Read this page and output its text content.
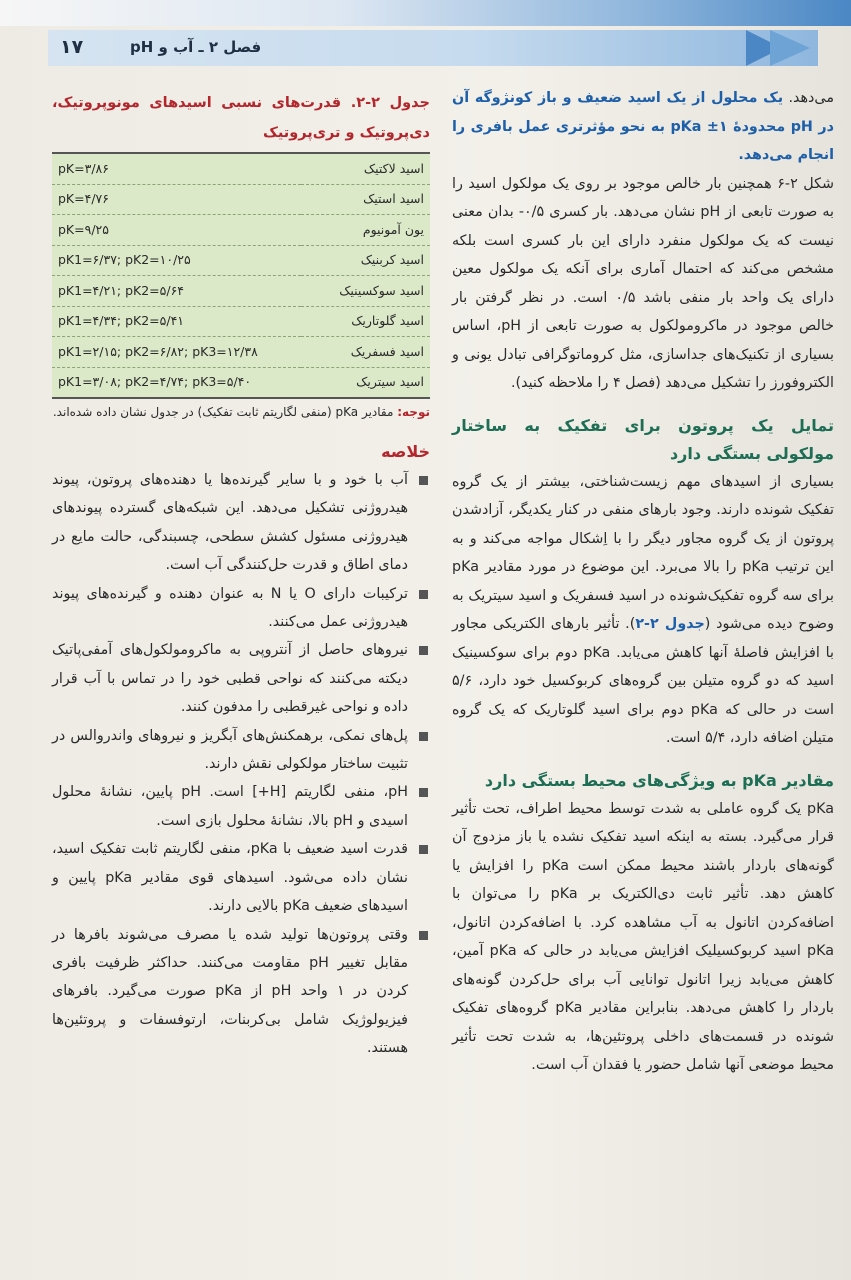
فصل ۲ ـ آب و pH
۱۷

می‌دهد. یک محلول از یک اسید ضعیف و باز کونژوگه آن در pH محدودهٔ pKa ±۱ به نحو مؤثرتری عمل بافری را انجام می‌دهد.

شکل ۲-۶ همچنین بار خالص موجود بر روی یک مولکول اسید را به صورت تابعی از pH نشان می‌دهد. بار کسری ۰/۵- بدان معنی نیست که یک مولکول منفرد دارای این بار کسری است بلکه مشخص می‌کند که احتمال آماری برای آنکه یک مولکول معین دارای یک واحد بار منفی باشد ۰/۵ است. در نظر گرفتن بار خالص موجود در ماکرومولکول به صورت تابعی از pH، اساس بسیاری از تکنیک‌های جداسازی، مثل کروماتوگرافی تبادل یونی و الکتروفورز را تشکیل می‌دهد (فصل ۴ را ملاحظه کنید).

تمایل یک پروتون برای تفکیک به ساختار مولکولی بستگی دارد

بسیاری از اسیدهای مهم زیست‌شناختی، بیشتر از یک گروه تفکیک شونده دارند. وجود بارهای منفی در کنار یکدیگر، آزادشدن پروتون از یک گروه مجاور دیگر را با اِشکال مواجه می‌کند و به این ترتیب pKa را بالا می‌برد. این موضوع در مورد مقادیر pKa برای سه گروه تفکیک‌شونده در اسید فسفریک و اسید سیتریک به وضوح دیده می‌شود (جدول ۲-۲). تأثیر بارهای الکتریکی مجاور با افزایش فاصلهٔ آنها کاهش می‌یابد. pKa دوم برای سوکسینیک اسید که دو گروه متیلن بین گروه‌های کربوکسیل خود دارد، ۵/۶ است در حالی که pKa دوم برای اسید گلوتاریک که یک گروه متیلن اضافه دارد، ۵/۴ است.

مقادیر pKa به ویژگی‌های محیط بستگی دارد

pKa یک گروه عاملی به شدت توسط محیط اطراف، تحت تأثیر قرار می‌گیرد. بسته به اینکه اسید تفکیک نشده یا باز مزدوج آن گونه‌های باردار باشند محیط ممکن است pKa را افزایش یا کاهش دهد. تأثیر ثابت دی‌الکتریک بر pKa را می‌توان با اضافه‌کردن اتانول به آب مشاهده کرد. با اضافه‌کردن اتانول، pKa اسید کربوکسیلیک افزایش می‌یابد در حالی که pKa آمین، کاهش می‌یابد زیرا اتانول توانایی آب برای حل‌کردن گونه‌های باردار را کاهش می‌دهد. بنابراین مقادیر pKa گروه‌های تفکیک شونده در قسمت‌های داخلی پروتئین‌ها، به شدت تحت تأثیر محیط موضعی آنها شامل حضور یا فقدان آب است.

جدول ۲-۲. قدرت‌های نسبی اسیدهای مونوپروتیک، دی‌پروتیک و تری‌پروتیک
اسید لاکتیک	pK=۳/۸۶
اسید استیک	pK=۴/۷۶
یون آمونیوم	pK=۹/۲۵
اسید کربنیک	pK1=۶/۳۷; pK2=۱۰/۲۵
اسید سوکسینیک	pK1=۴/۲۱; pK2=۵/۶۴
اسید گلوتاریک	pK1=۴/۳۴; pK2=۵/۴۱
اسید فسفریک	pK1=۲/۱۵; pK2=۶/۸۲; pK3=۱۲/۳۸
اسید سیتریک	pK1=۳/۰۸; pK2=۴/۷۴; pK3=۵/۴۰
توجه: مقادیر pKa (منفی لگاریتم ثابت تفکیک) در جدول نشان داده شده‌اند.
خلاصه
آب با خود و با سایر گیرنده‌ها یا دهنده‌های پروتون، پیوند هیدروژنی تشکیل می‌دهد. این شبکه‌های گسترده پیوندهای هیدروژنی مسئول کشش سطحی، چسبندگی، حالت مایع در دمای اطاق و قدرت حل‌کنندگی آب است.
ترکیبات دارای O یا N به عنوان دهنده و گیرنده‌های پیوند هیدروژنی عمل می‌کنند.
نیروهای حاصل از آنتروپی به ماکرومولکول‌های آمفی‌پاتیک دیکته می‌کنند که نواحی قطبی خود را در تماس با آب قرار داده و نواحی غیرقطبی را مدفون کنند.
پل‌های نمکی، برهمکنش‌های آبگریز و نیروهای واندروالس در تثبیت ساختار مولکولی نقش دارند.
pH، منفی لگاریتم [H+] است. pH پایین، نشانهٔ محلول اسیدی و pH بالا، نشانهٔ محلول بازی است.
قدرت اسید ضعیف با pKa، منفی لگاریتم ثابت تفکیک اسید، نشان داده می‌شود. اسیدهای قوی مقادیر pKa پایین و اسیدهای ضعیف pKa بالایی دارند.
وقتی پروتون‌ها تولید شده یا مصرف می‌شوند بافرها در مقابل تغییر pH مقاومت می‌کنند. حداکثر ظرفیت بافری کردن در ۱ واحد pH از pKa صورت می‌گیرد. بافرهای فیزیولوژیک شامل بی‌کربنات، ارتوفسفات و پروتئین‌ها هستند.
